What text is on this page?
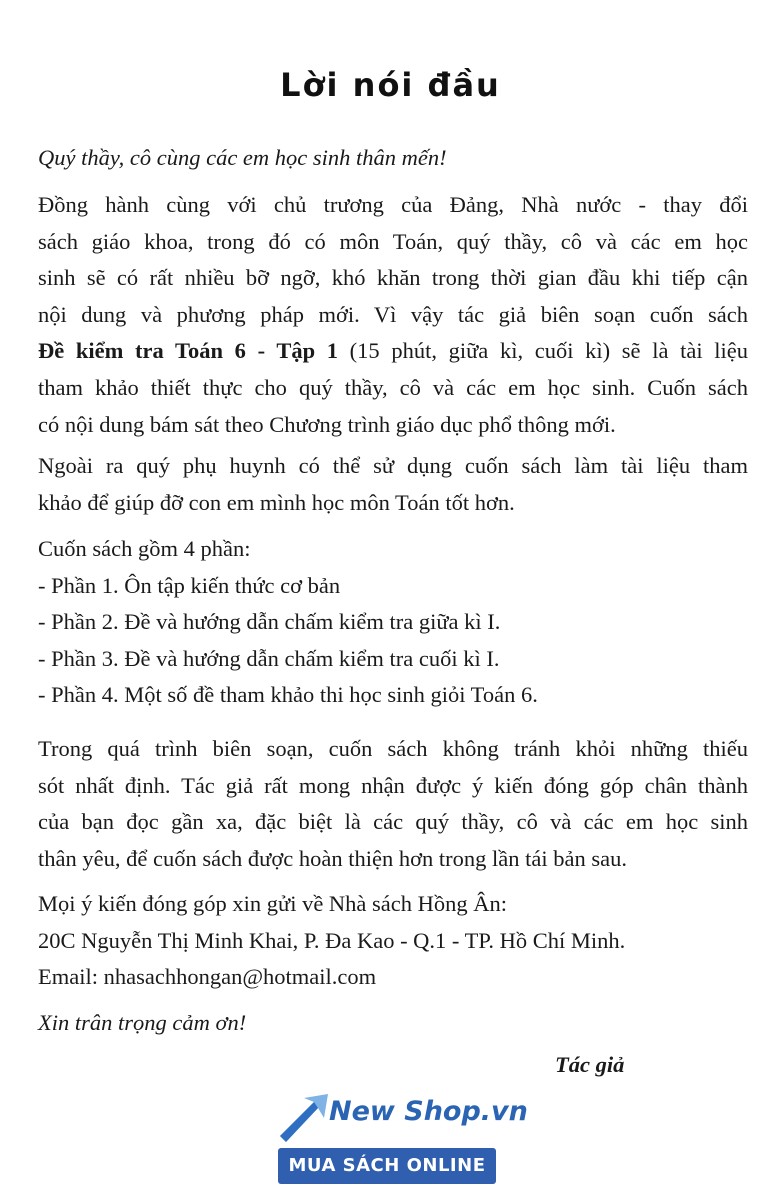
Lời nói đầu

Quý thầy, cô cùng các em học sinh thân mến!

Đồng hành cùng với chủ trương của Đảng, Nhà nước - thay đổi
sách giáo khoa, trong đó có môn Toán, quý thầy, cô và các em học
sinh sẽ có rất nhiều bỡ ngỡ, khó khăn trong thời gian đầu khi tiếp cận
nội dung và phương pháp mới. Vì vậy tác giả biên soạn cuốn sách
Đề kiểm tra Toán 6 - Tập 1 (15 phút, giữa kì, cuối kì) sẽ là tài liệu
tham khảo thiết thực cho quý thầy, cô và các em học sinh. Cuốn sách
có nội dung bám sát theo Chương trình giáo dục phổ thông mới.

Ngoài ra quý phụ huynh có thể sử dụng cuốn sách làm tài liệu tham
khảo để giúp đỡ con em mình học môn Toán tốt hơn.

Cuốn sách gồm 4 phần:
- Phần 1. Ôn tập kiến thức cơ bản
- Phần 2. Đề và hướng dẫn chấm kiểm tra giữa kì I.
- Phần 3. Đề và hướng dẫn chấm kiểm tra cuối kì I.
- Phần 4. Một số đề tham khảo thi học sinh giỏi Toán 6.

Trong quá trình biên soạn, cuốn sách không tránh khỏi những thiếu
sót nhất định. Tác giả rất mong nhận được ý kiến đóng góp chân thành
của bạn đọc gần xa, đặc biệt là các quý thầy, cô và các em học sinh
thân yêu, để cuốn sách được hoàn thiện hơn trong lần tái bản sau.

Mọi ý kiến đóng góp xin gửi về Nhà sách Hồng Ân:
20C Nguyễn Thị Minh Khai, P. Đa Kao - Q.1 - TP. Hồ Chí Minh.
Email: nhasachhongan@hotmail.com

Xin trân trọng cảm ơn!

Tác giả
New Shop.vn
MUA SÁCH ONLINE
